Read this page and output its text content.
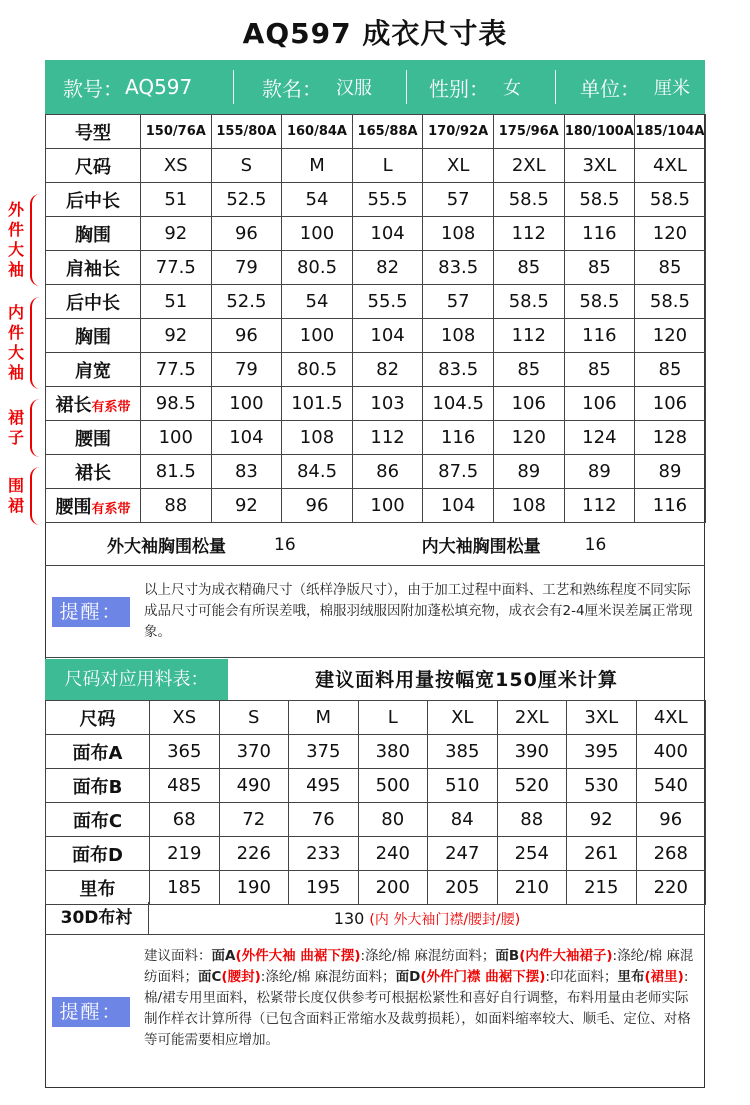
AQ597 成衣尺寸表
款号： AQ597	款名： 汉服	性别： 女	单位： 厘米
号型	150/76A	155/80A	160/84A	165/88A	170/92A	175/96A	180/100A	185/104A
尺码	XS	S	M	L	XL	2XL	3XL	4XL
后中长	51	52.5	54	55.5	57	58.5	58.5	58.5
胸围	92	96	100	104	108	112	116	120
肩袖长	77.5	79	80.5	82	83.5	85	85	85
后中长	51	52.5	54	55.5	57	58.5	58.5	58.5
胸围	92	96	100	104	108	112	116	120
肩宽	77.5	79	80.5	82	83.5	85	85	85
裙长有系带	98.5	100	101.5	103	104.5	106	106	106
腰围	100	104	108	112	116	120	124	128
裙长	81.5	83	84.5	86	87.5	89	89	89
腰围有系带	88	92	96	100	104	108	112	116
外
件
大
袖
内
件
大
袖
裙
子
围
裙
外大袖胸围松量	16	内大袖胸围松量	16
提醒：
以上尺寸为成衣精确尺寸（纸样净版尺寸），由于加工过程中面料、工艺和熟练程度不同实际成品尺寸可能会有所误差哦，棉服羽绒服因附加蓬松填充物，成衣会有2-4厘米误差属正常现象。
尺码对应用料表：	建议面料用量按幅宽150厘米计算
尺码	XS	S	M	L	XL	2XL	3XL	4XL
面布A	365	370	375	380	385	390	395	400
面布B	485	490	495	500	510	520	530	540
面布C	68	72	76	80	84	88	92	96
面布D	219	226	233	240	247	254	261	268
里布	185	190	195	200	205	210	215	220
30D布衬	130 (内 外大袖门襟/腰封/腰)
提醒：
建议面料：面A(外件大袖 曲裾下摆):涤纶/棉 麻混纺面料；面B(内件大袖裙子):涤纶/棉 麻混纺面料；面C(腰封):涤纶/棉 麻混纺面料；面D(外件门襟 曲裾下摆):印花面料；里布(裙里):棉/裙专用里面料，松紧带长度仅供参考可根据松紧性和喜好自行调整，布料用量由老师实际制作样衣计算所得（已包含面料正常缩水及裁剪损耗），如面料缩率较大、顺毛、定位、对格等可能需要相应增加。
